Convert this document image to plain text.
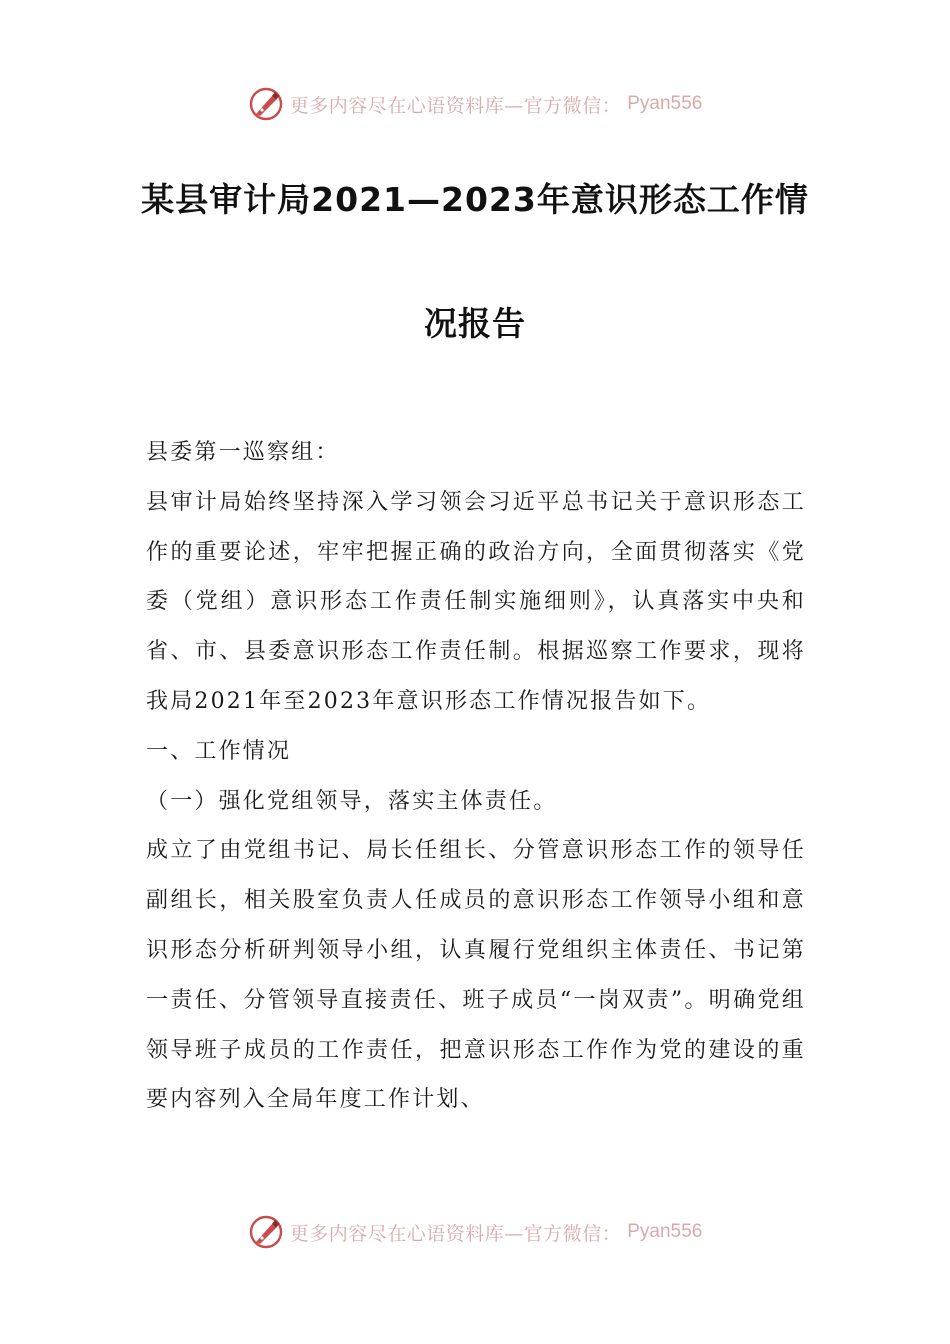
更多内容尽在心语资料库—官方微信： Pyan556
某县审计局2021—2023年意识形态工作情
况报告

县委第一巡察组：

县审计局始终坚持深入学习领会习近平总书记关于意识形态工作的重要论述，牢牢把握正确的政治方向，全面贯彻落实《党委（党组）意识形态工作责任制实施细则》，认真落实中央和省、市、县委意识形态工作责任制。根据巡察工作要求，现将我局2021年至2023年意识形态工作情况报告如下。

一、工作情况

（一）强化党组领导，落实主体责任。

成立了由党组书记、局长任组长、分管意识形态工作的领导任副组长，相关股室负责人任成员的意识形态工作领导小组和意识形态分析研判领导小组，认真履行党组织主体责任、书记第一责任、分管领导直接责任、班子成员“一岗双责”。明确党组领导班子成员的工作责任，把意识形态工作作为党的建设的重要内容列入全局年度工作计划、

更多内容尽在心语资料库—官方微信： Pyan556
